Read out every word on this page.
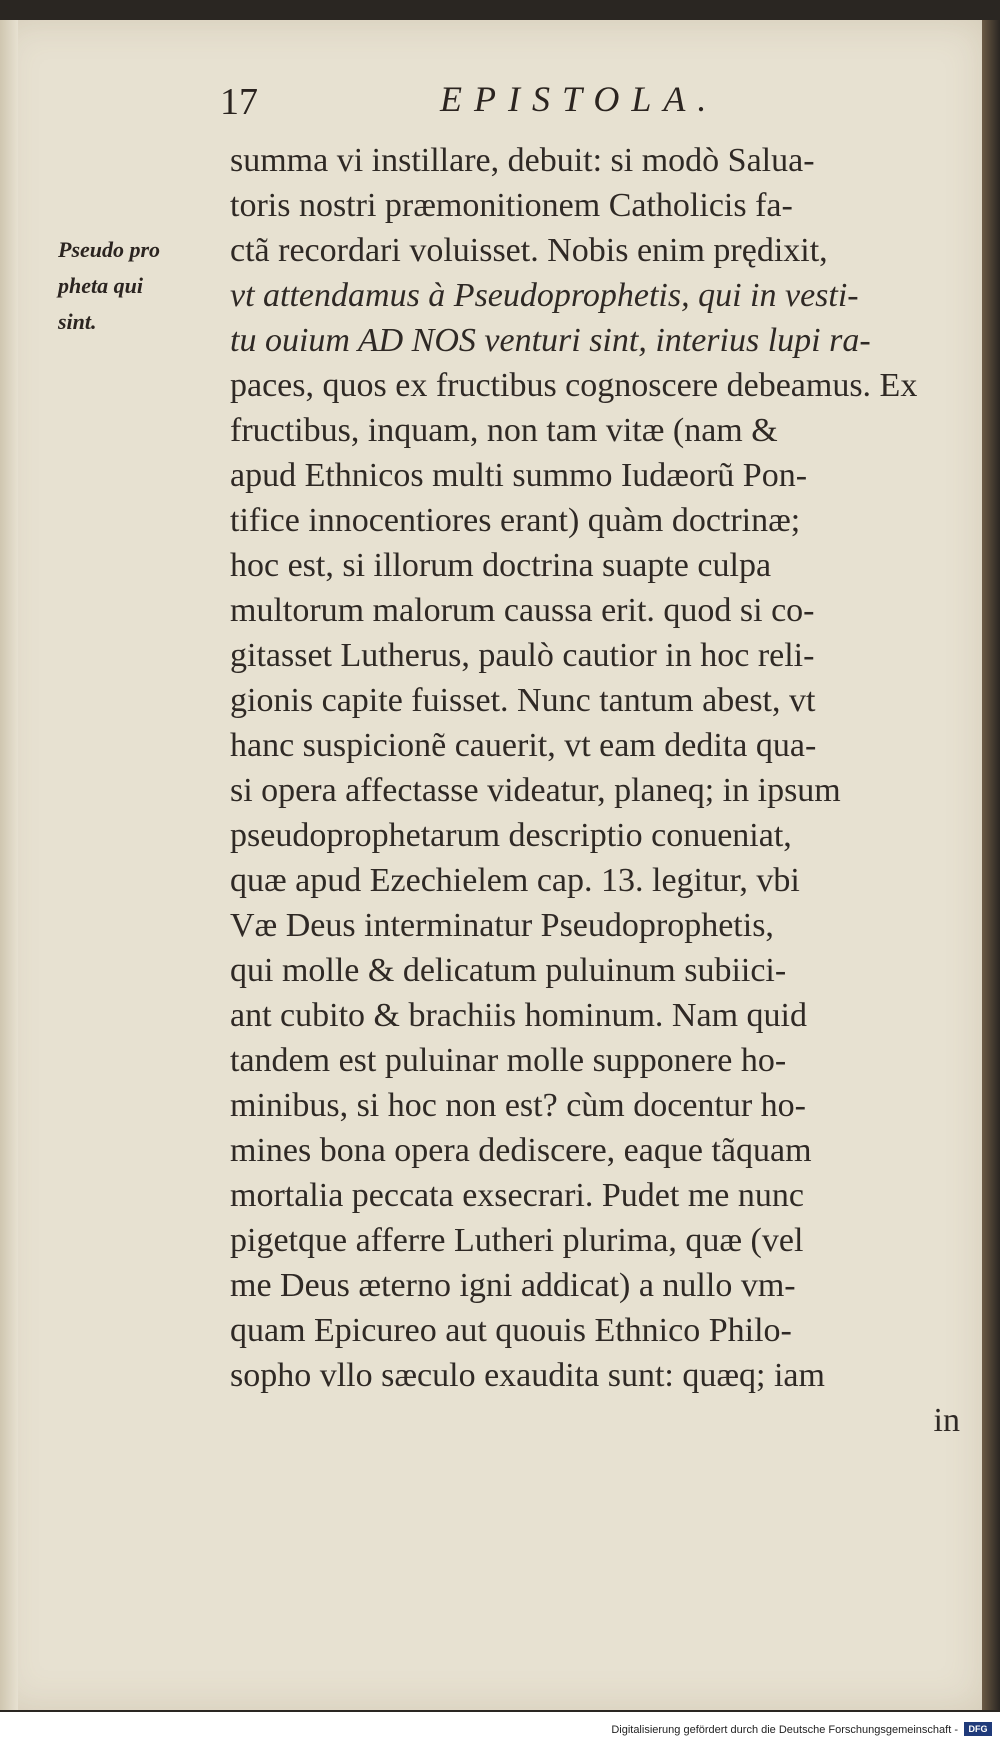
17	EPISTOLA.
Pseudo pro
pheta qui
sint.
summa vi instillare, debuit: si modò Salua-
toris nostri præmonitionem Catholicis fa-
ctã recordari voluisset. Nobis enim prędixit,
vt attendamus à Pseudoprophetis, qui in vesti-
tu ouium AD NOS venturi sint, interius lupi ra-
paces, quos ex fructibus cognoscere debeamus. Ex
fructibus, inquam, non tam vitæ (nam &
apud Ethnicos multi summo Iudæorũ Pon-
tifice innocentiores erant) quàm doctrinæ;
hoc est, si illorum doctrina suapte culpa
multorum malorum caussa erit. quod si co-
gitasset Lutherus, paulò cautior in hoc reli-
gionis capite fuisset. Nunc tantum abest, vt
hanc suspicionẽ cauerit, vt eam dedita qua-
si opera affectasse videatur, planeq; in ipsum
pseudoprophetarum descriptio conueniat,
quæ apud Ezechielem cap. 13. legitur, vbi
Væ Deus interminatur Pseudoprophetis,
qui molle & delicatum puluinum subiici-
ant cubito & brachiis hominum. Nam quid
tandem est puluinar molle supponere ho-
minibus, si hoc non est? cùm docentur ho-
mines bona opera dediscere, eaque tãquam
mortalia peccata exsecrari. Pudet me nunc
pigetque afferre Lutheri plurima, quæ (vel
me Deus æterno igni addicat) a nullo vm-
quam Epicureo aut quouis Ethnico Philo-
sopho vllo sæculo exaudita sunt: quæq; iam
in
Digitalisierung gefördert durch die Deutsche Forschungsgemeinschaft -	DFG
